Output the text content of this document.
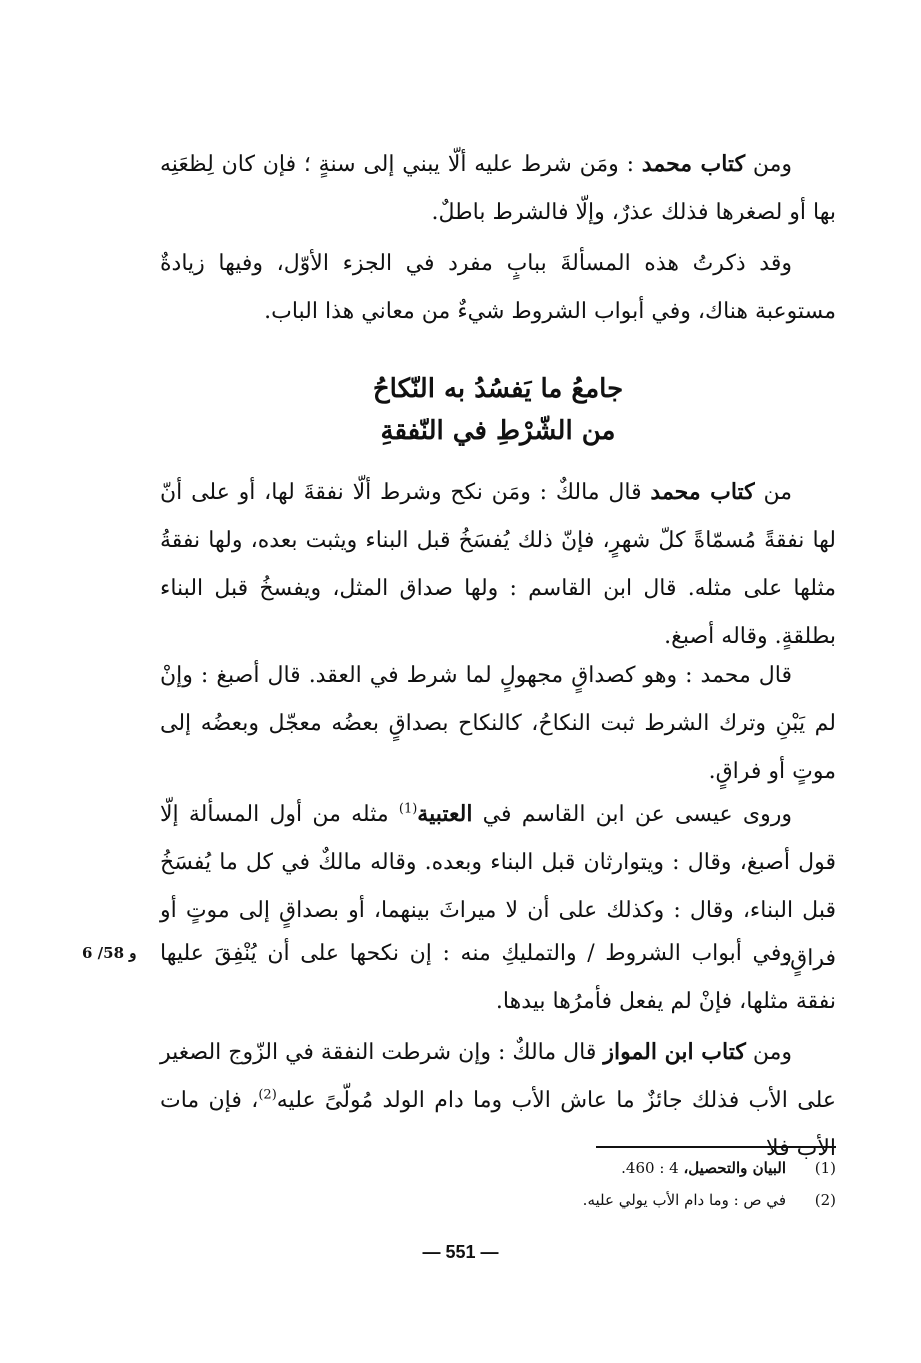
ومن كتاب محمد : ومَن شرط عليه ألّا يبني إلى سنةٍ ؛ فإن كان لِظعَنِه بها أو لصغرها فذلك عذرٌ، وإلّا فالشرط باطلٌ.

وقد ذكرتُ هذه المسألةَ ببابٍ مفرد في الجزء الأوّل، وفيها زيادةٌ مستوعبة هناك، وفي أبواب الشروط شيءٌ من معاني هذا الباب.

جامعُ ما يَفسُدُ به النّكاحُ
من الشّرْطِ في النّفقةِ

من كتاب محمد قال مالكٌ : ومَن نكح وشرط ألّا نفقةَ لها، أو على أنّ لها نفقةً مُسمّاةً كلّ شهرٍ، فإنّ ذلك يُفسَخُ قبل البناء ويثبت بعده، ولها نفقةُ مثلها على مثله. قال ابن القاسم : ولها صداق المثل، ويفسخُ قبل البناء بطلقةٍ. وقاله أصبغ.

قال محمد : وهو كصداقٍ مجهولٍ لما شرط في العقد. قال أصبغ : وإنْ لم يَبْنِ وترك الشرط ثبت النكاحُ، كالنكاح بصداقٍ بعضُه معجّل وبعضُه إلى موتٍ أو فراقٍ.

وروى عيسى عن ابن القاسم في العتبية$^{(1)}$ مثله من أول المسألة إلّا قول أصبغ، وقال : ويتوارثان قبل البناء وبعده. وقاله مالكٌ في كل ما يُفسَخُ قبل البناء، وقال : وكذلك على أن لا ميراثَ بينهما، أو بصداقٍ إلى موتٍ أو فراقٍ.

وفي أبواب الشروط / والتمليكِ منه : إن نكحها على أن يُنْفِقَ عليها نفقة مثلها، فإنْ لم يفعل فأمرُها بيدها.

6 /58 و

ومن كتاب ابن المواز قال مالكٌ : وإن شرطت النفقة في الزّوج الصغير على الأب فذلك جائزٌ ما عاش الأب وما دام الولد مُولّىً عليه$^{(2)}$، فإن مات الأب فلا

(1)
البيان والتحصيل، 4 : 460.
(2)
في ص : وما دام الأب يولي عليه.
— 551 —
